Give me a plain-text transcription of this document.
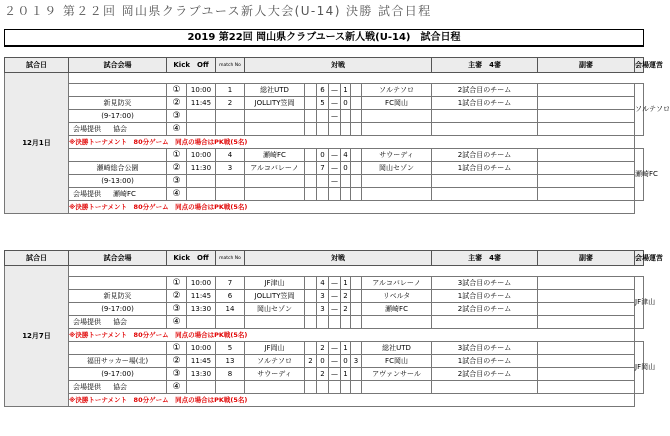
２０１９ 第２２回 岡山県クラブユース新人大会(U-14) 決勝 試合日程
2019 第22回 岡山県クラブユース新人戦(U-14)　試合日程
試合日	試合会場	Kick　Off		match No	対戦							主審　4審	副審	会場運営
12月1日														
		①	10:00	1	総社UTD		6	—	1		ソルテソロ	2試合目のチーム		ソルテソロ
	新見防災	②	11:45	2	JOLLITY笠岡		5	—	0		FC岡山	1試合目のチーム		
	(9-17:00)	③						—						
	会場提供 協会	④												
	※決勝トーナメント　80分ゲーム　同点の場合はPK戦(5名)													
		①	10:00	4	瀬崎FC		0	—	4		サウーディ	2試合目のチーム		瀬崎FC
	瀬崎総合公園	②	11:30	3	アルコバレーノ		7	—	0		岡山セゾン	1試合目のチーム		
	(9-13:00)	③						—						
	会場提供 瀬崎FC	④												
	※決勝トーナメント　80分ゲーム　同点の場合はPK戦(5名)													
試合日	試合会場	Kick　Off		match No	対戦							主審　4審	副審	会場運営
12月7日														
		①	10:00	7	JF津山		4	—	1		アルコバレーノ	3試合目のチーム		JF津山
	新見防災	②	11:45	6	JOLLITY笠岡		3	—	2		リベルタ	1試合目のチーム		
	(9-17:00)	③	13:30	14	岡山セゾン		3	—	2		瀬崎FC	2試合目のチーム		
	会場提供 協会	④												
	※決勝トーナメント　80分ゲーム　同点の場合はPK戦(5名)													
		①	10:00	5	JF岡山		2	—	1		総社UTD	3試合目のチーム		JF岡山
	福田サッカー場(北)	②	11:45	13	ソルテソロ	2	0	—	0	3	FC岡山	1試合目のチーム		
	(9-17:00)	③	13:30	8	サウーディ		2	—	1		アヴァンサール	2試合目のチーム		
	会場提供 協会	④												
	※決勝トーナメント　80分ゲーム　同点の場合はPK戦(5名)													
